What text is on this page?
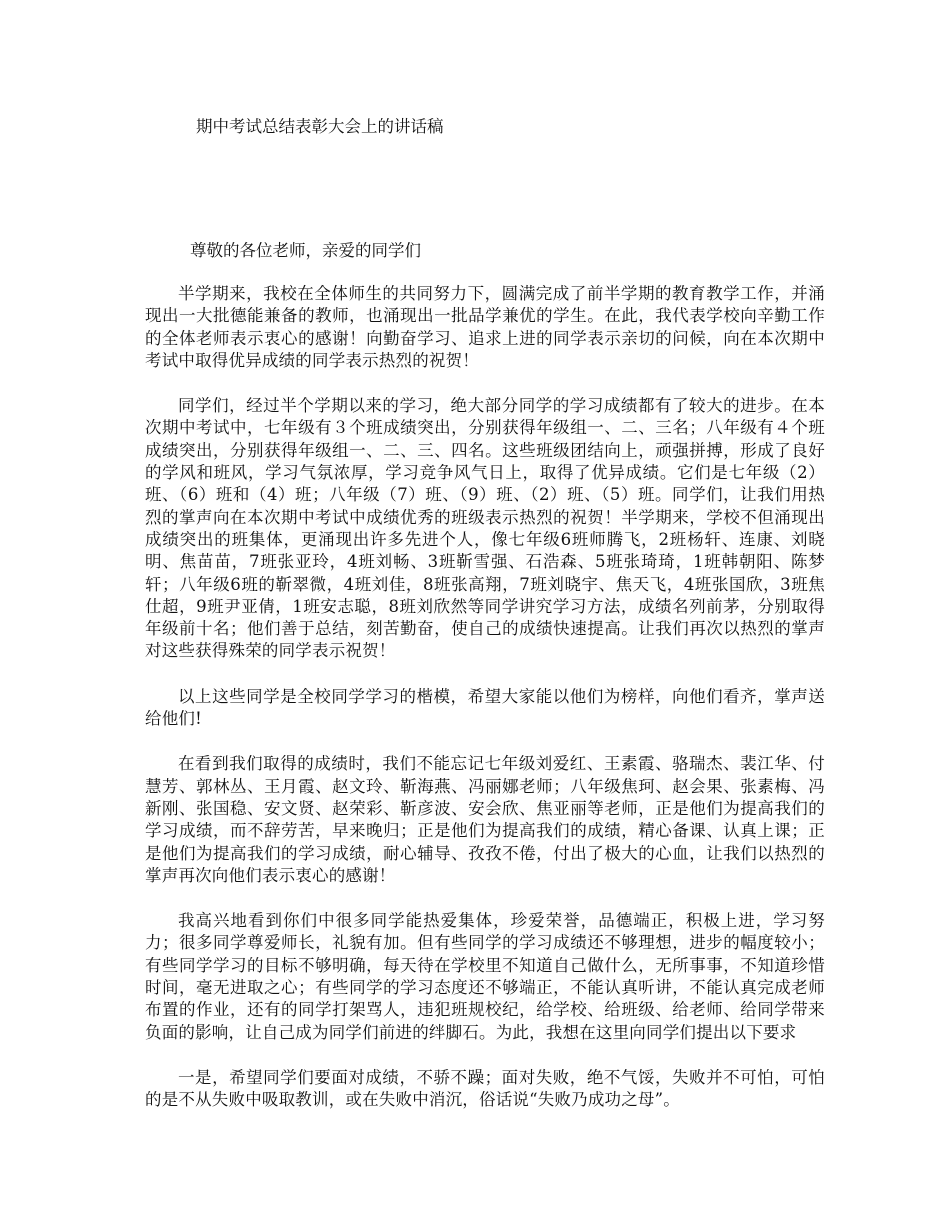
期中考试总结表彰大会上的讲话稿
尊敬的各位老师，亲爱的同学们

半学期来，我校在全体师生的共同努力下，圆满完成了前半学期的教育教学工作，并涌现出一大批德能兼备的教师，也涌现出一批品学兼优的学生。在此，我代表学校向辛勤工作的全体老师表示衷心的感谢！向勤奋学习、追求上进的同学表示亲切的问候，向在本次期中考试中取得优异成绩的同学表示热烈的祝贺！

同学们，经过半个学期以来的学习，绝大部分同学的学习成绩都有了较大的进步。在本次期中考试中，七年级有３个班成绩突出，分别获得年级组一、二、三名；八年级有４个班成绩突出，分别获得年级组一、二、三、四名。这些班级团结向上，顽强拼搏，形成了良好的学风和班风，学习气氛浓厚，学习竞争风气日上，取得了优异成绩。它们是七年级（2）班、（6）班和（4）班；八年级（7）班、（9）班、（2）班、（5）班。同学们，让我们用热烈的掌声向在本次期中考试中成绩优秀的班级表示热烈的祝贺！半学期来，学校不但涌现出成绩突出的班集体，更涌现出许多先进个人，像七年级6班师腾飞，2班杨轩、连康、刘晓明、焦苗苗，7班张亚玲，4班刘畅、3班靳雪强、石浩森、5班张琦琦，1班韩朝阳、陈梦轩；八年级6班的靳翠微，4班刘佳，8班张高翔，7班刘晓宇、焦天飞，4班张国欣，3班焦仕超，9班尹亚倩，1班安志聪，8班刘欣然等同学讲究学习方法，成绩名列前茅，分别取得年级前十名；他们善于总结，刻苦勤奋，使自己的成绩快速提高。让我们再次以热烈的掌声对这些获得殊荣的同学表示祝贺！

以上这些同学是全校同学学习的楷模，希望大家能以他们为榜样，向他们看齐，掌声送给他们!

在看到我们取得的成绩时，我们不能忘记七年级刘爱红、王素霞、骆瑞杰、裴江华、付慧芳、郭林丛、王月霞、赵文玲、靳海燕、冯丽娜老师；八年级焦珂、赵会果、张素梅、冯新刚、张国稳、安文贤、赵荣彩、靳彦波、安会欣、焦亚丽等老师，正是他们为提高我们的学习成绩，而不辞劳苦，早来晚归；正是他们为提高我们的成绩，精心备课、认真上课；正是他们为提高我们的学习成绩，耐心辅导、孜孜不倦，付出了极大的心血，让我们以热烈的掌声再次向他们表示衷心的感谢！

我高兴地看到你们中很多同学能热爱集体，珍爱荣誉，品德端正，积极上进，学习努力；很多同学尊爱师长，礼貌有加。但有些同学的学习成绩还不够理想，进步的幅度较小；有些同学学习的目标不够明确，每天待在学校里不知道自己做什么，无所事事，不知道珍惜时间，毫无进取之心；有些同学的学习态度还不够端正，不能认真听讲，不能认真完成老师布置的作业，还有的同学打架骂人，违犯班规校纪，给学校、给班级、给老师、给同学带来负面的影响，让自己成为同学们前进的绊脚石。为此，我想在这里向同学们提出以下要求

一是，希望同学们要面对成绩，不骄不躁；面对失败，绝不气馁，失败并不可怕，可怕的是不从失败中吸取教训，或在失败中消沉，俗话说“失败乃成功之母”。
